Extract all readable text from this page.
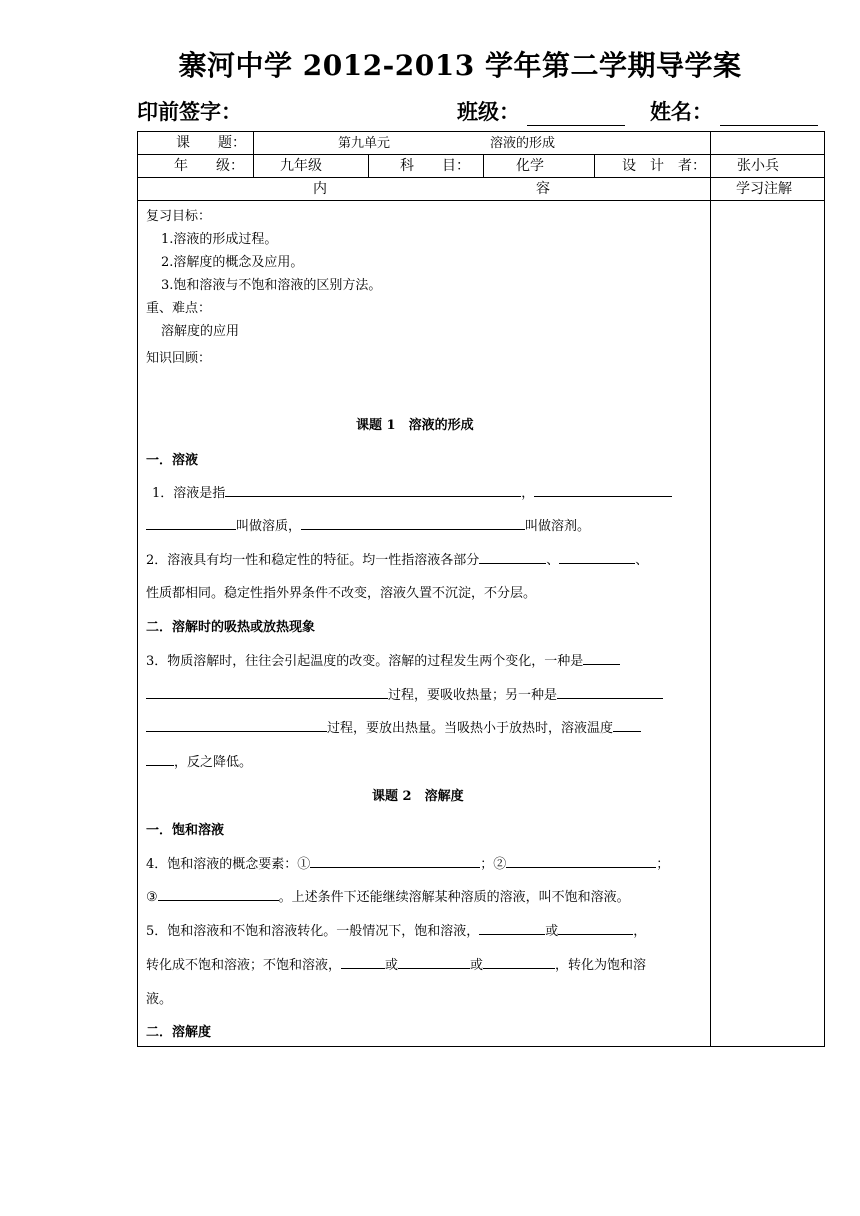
寨河中学 2012-2013 学年第二学期导学案
印前签字：	班级：	姓名：
课　　题：	第九单元	溶液的形成
年　　级：	九年级	科　　目：	化学	设　计　者： 张小兵
内	容	学习注解
复习目标：
1.溶液的形成过程。
2.溶解度的概念及应用。
3.饱和溶液与不饱和溶液的区别方法。
重、难点：
溶解度的应用
知识回顾：
课题 1　溶液的形成
一．溶液
1．溶液是指	，
叫做溶质，	叫做溶剂。
2．溶液具有均一性和稳定性的特征。均一性指溶液各部分	、	、
性质都相同。稳定性指外界条件不改变，溶液久置不沉淀，不分层。
二．溶解时的吸热或放热现象
3．物质溶解时，往往会引起温度的改变。溶解的过程发生两个变化，一种是
过程，要吸收热量；另一种是
过程，要放出热量。当吸热小于放热时，溶液温度
，反之降低。
课题 2　溶解度
一．饱和溶液
4．饱和溶液的概念要素：①	；②	；
③	。上述条件下还能继续溶解某种溶质的溶液，叫不饱和溶液。
5．饱和溶液和不饱和溶液转化。一般情况下，饱和溶液，	或	，
转化成不饱和溶液；不饱和溶液，	或	或	，转化为饱和溶
液。
二．溶解度
